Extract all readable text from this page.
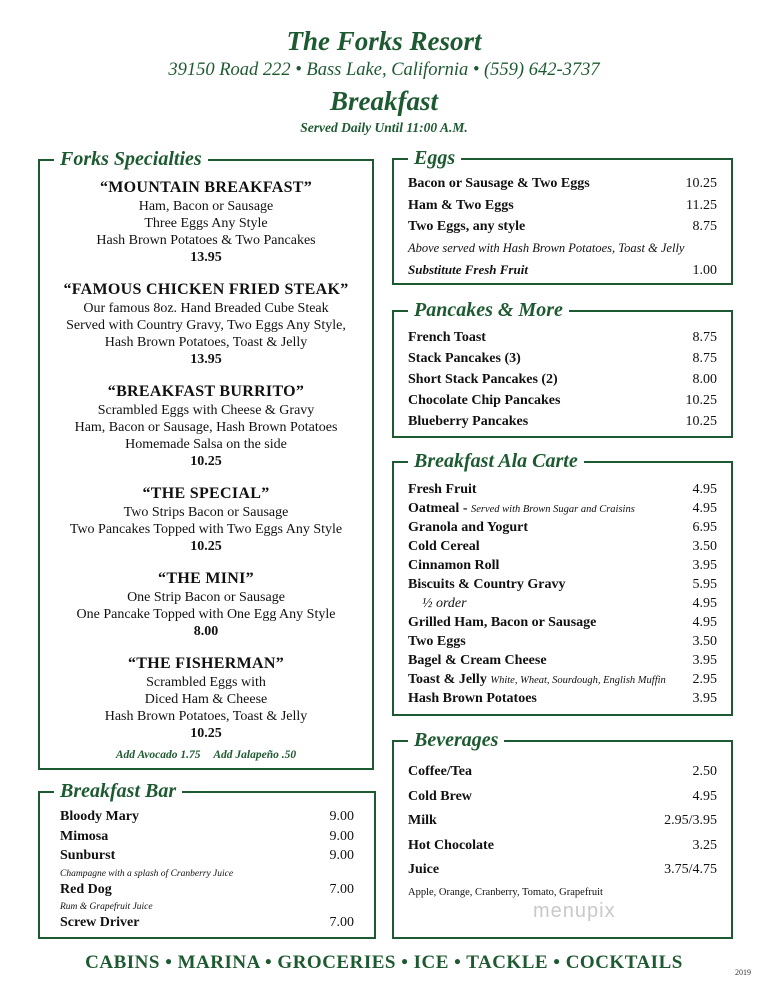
The Forks Resort
39150 Road 222 • Bass Lake, California • (559) 642-3737
Breakfast
Served Daily Until 11:00 A.M.
Forks Specialties
“MOUNTAIN BREAKFAST”
Ham, Bacon or Sausage
Three Eggs Any Style
Hash Brown Potatoes & Two Pancakes
13.95
“FAMOUS CHICKEN FRIED STEAK”
Our famous 8oz. Hand Breaded Cube Steak
Served with Country Gravy, Two Eggs Any Style,
Hash Brown Potatoes, Toast & Jelly
13.95
“BREAKFAST BURRITO”
Scrambled Eggs with Cheese & Gravy
Ham, Bacon or Sausage, Hash Brown Potatoes
Homemade Salsa on the side
10.25
“THE SPECIAL”
Two Strips Bacon or Sausage
Two Pancakes Topped with Two Eggs Any Style
10.25
“THE MINI”
One Strip Bacon or Sausage
One Pancake Topped with One Egg Any Style
8.00
“THE FISHERMAN”
Scrambled Eggs with
Diced Ham & Cheese
Hash Brown Potatoes, Toast & Jelly
10.25
Add Avocado 1.75 Add Jalapeño .50
Eggs
Bacon or Sausage & Two Eggs	10.25
Ham & Two Eggs	11.25
Two Eggs, any style	8.75
Above served with Hash Brown Potatoes, Toast & Jelly
Substitute Fresh Fruit	1.00
Pancakes & More
French Toast	8.75
Stack Pancakes (3)	8.75
Short Stack Pancakes (2)	8.00
Chocolate Chip Pancakes	10.25
Blueberry Pancakes	10.25
Breakfast Ala Carte
Fresh Fruit	4.95
Oatmeal - Served with Brown Sugar and Craisins	4.95
Granola and Yogurt	6.95
Cold Cereal	3.50
Cinnamon Roll	3.95
Biscuits & Country Gravy	5.95
½ order	4.95
Grilled Ham, Bacon or Sausage	4.95
Two Eggs	3.50
Bagel & Cream Cheese	3.95
Toast & Jelly White, Wheat, Sourdough, English Muffin 2.95
Hash Brown Potatoes	3.95
Beverages
Coffee/Tea	2.50
Cold Brew	4.95
Milk	2.95/3.95
Hot Chocolate	3.25
Juice	3.75/4.75
Apple, Orange, Cranberry, Tomato, Grapefruit
Breakfast Bar
Bloody Mary	9.00
Mimosa	9.00
Sunburst	9.00
Champagne with a splash of Cranberry Juice
Red Dog	7.00
Rum & Grapefruit Juice
Screw Driver	7.00
CABINS • MARINA • GROCERIES • ICE • TACKLE • COCKTAILS	2019
menupix
